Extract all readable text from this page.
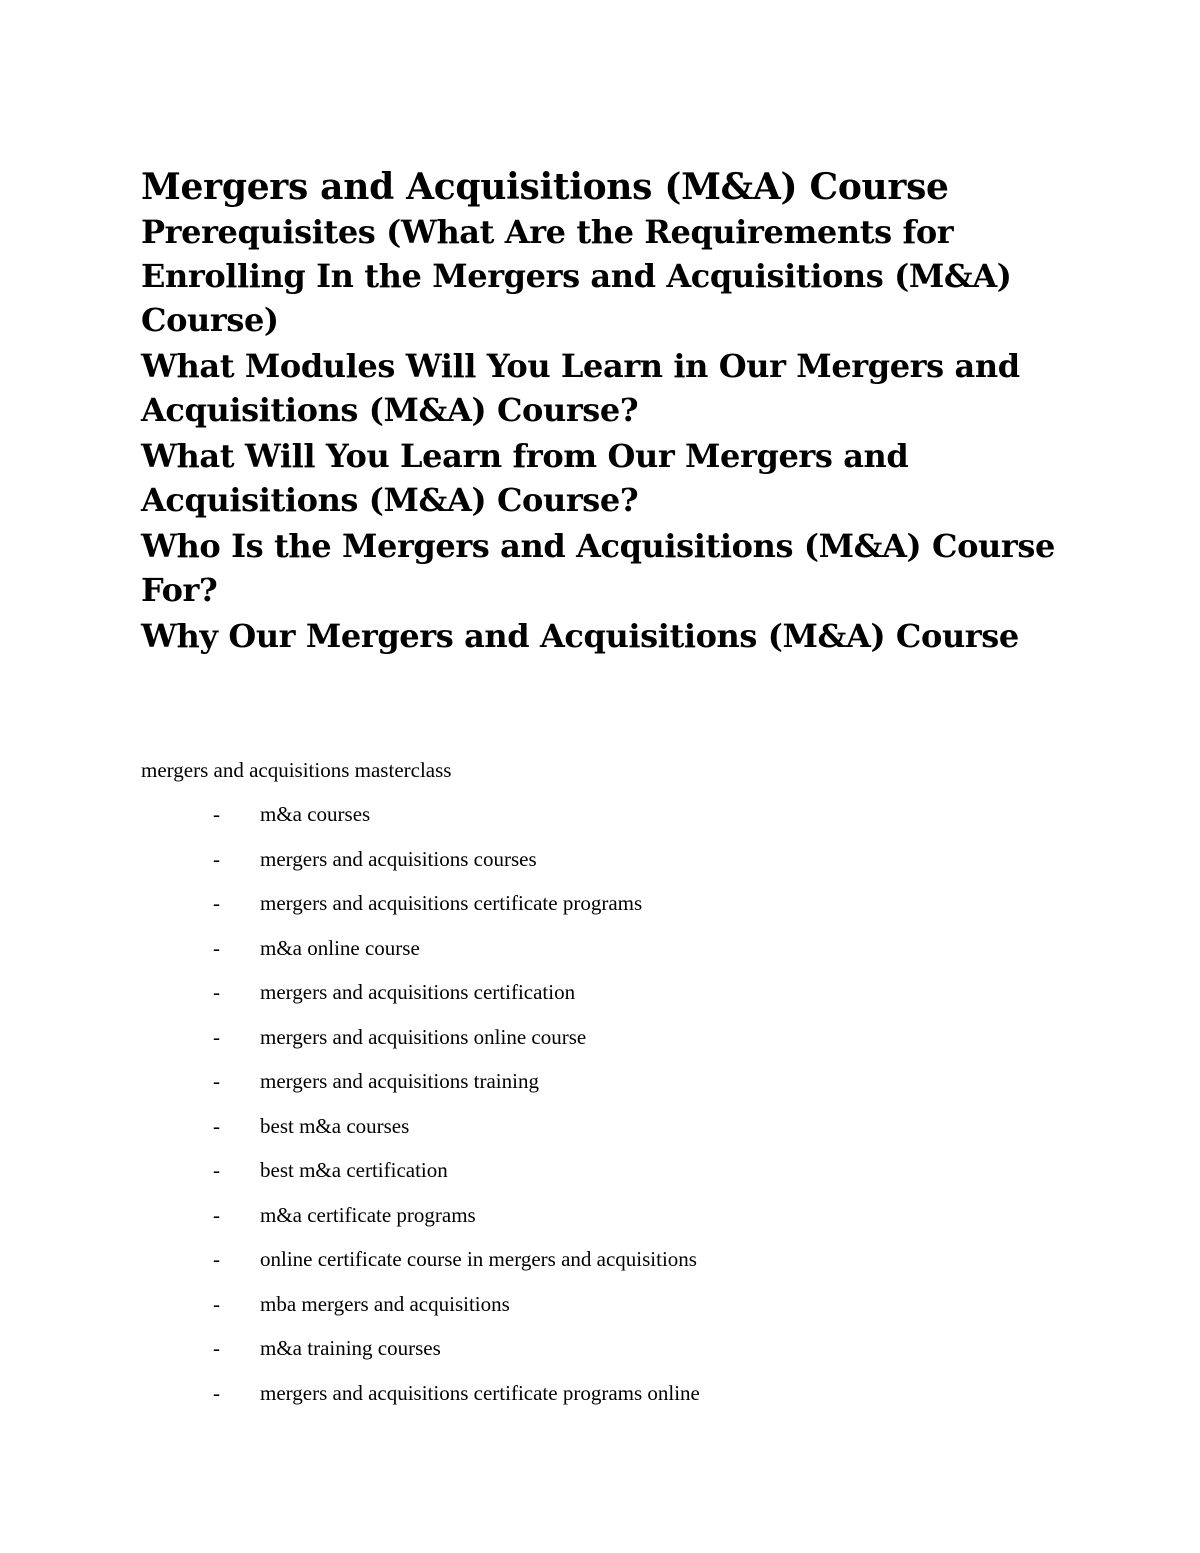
Mergers and Acquisitions (M&A) Course
Prerequisites (What Are the Requirements for Enrolling In the Mergers and Acquisitions (M&A) Course)
What Modules Will You Learn in Our Mergers and Acquisitions (M&A) Course?
What Will You Learn from Our Mergers and Acquisitions (M&A) Course?
Who Is the Mergers and Acquisitions (M&A) Course For?
Why Our Mergers and Acquisitions (M&A) Course

mergers and acquisitions masterclass

-	m&a courses
-	mergers and acquisitions courses
-	mergers and acquisitions certificate programs
-	m&a online course
-	mergers and acquisitions certification
-	mergers and acquisitions online course
-	mergers and acquisitions training
-	best m&a courses
-	best m&a certification
-	m&a certificate programs
-	online certificate course in mergers and acquisitions
-	mba mergers and acquisitions
-	m&a training courses
-	mergers and acquisitions certificate programs online
